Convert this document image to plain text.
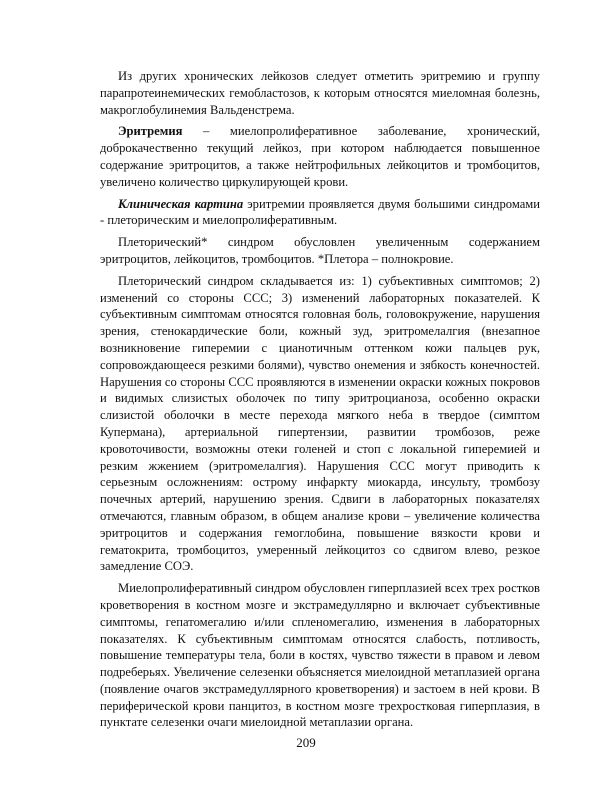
Из других хронических лейкозов следует отметить эритремию и группу парапротеинемических гемобластозов, к которым относятся миеломная болезнь, макроглобулинемия Вальденстрема.

Эритремия – миелопролиферативное заболевание, хронический, доброкачественно текущий лейкоз, при котором наблюдается повышенное содержание эритроцитов, а также нейтрофильных лейкоцитов и тромбоцитов, увеличено количество циркулирующей крови.

Клиническая картина эритремии проявляется двумя большими синдромами - плеторическим и миелопролиферативным.

Плеторический* синдром обусловлен увеличенным содержанием эритроцитов, лейкоцитов, тромбоцитов. *Плетора – полнокровие.

Плеторический синдром складывается из: 1) субъективных симптомов; 2) изменений со стороны ССС; 3) изменений лабораторных показателей. К субъективным симптомам относятся головная боль, головокружение, нарушения зрения, стенокардические боли, кожный зуд, эритромелалгия (внезапное возникновение гиперемии с цианотичным оттенком кожи пальцев рук, сопровождающееся резкими болями), чувство онемения и зябкость конечностей. Нарушения со стороны ССС проявляются в изменении окраски кожных покровов и видимых слизистых оболочек по типу эритроцианоза, особенно окраски слизистой оболочки в месте перехода мягкого неба в твердое (симптом Купермана), артериальной гипертензии, развитии тромбозов, реже кровоточивости, возможны отеки голеней и стоп с локальной гиперемией и резким жжением (эритромелалгия). Нарушения ССС могут приводить к серьезным осложнениям: острому инфаркту миокарда, инсульту, тромбозу почечных артерий, нарушению зрения. Сдвиги в лабораторных показателях отмечаются, главным образом, в общем анализе крови – увеличение количества эритроцитов и содержания гемоглобина, повышение вязкости крови и гематокрита, тромбоцитоз, умеренный лейкоцитоз со сдвигом влево, резкое замедление СОЭ.

Миелопролиферативный синдром обусловлен гиперплазией всех трех ростков кроветворения в костном мозге и экстрамедуллярно и включает субъективные симптомы, гепатомегалию и/или спленомегалию, изменения в лабораторных показателях. К субъективным симптомам относятся слабость, потливость, повышение температуры тела, боли в костях, чувство тяжести в правом и левом подреберьях. Увеличение селезенки объясняется миелоидной метаплазией органа (появление очагов экстрамедуллярного кроветворения) и застоем в ней крови. В периферической крови панцитоз, в костном мозге трехростковая гиперплазия, в пунктате селезенки очаги миелоидной метаплазии органа.

209
